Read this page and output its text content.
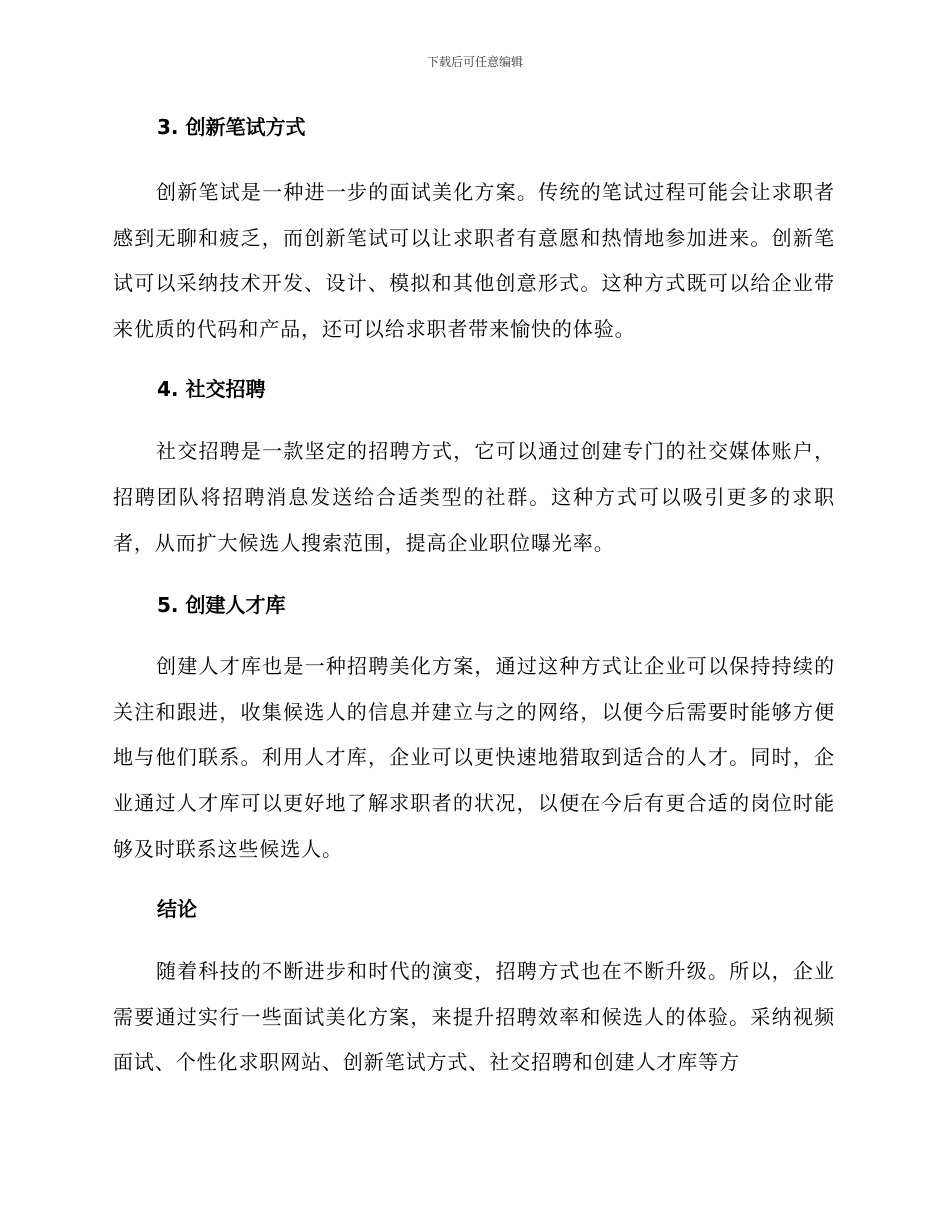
下载后可任意编辑
3. 创新笔试方式

创新笔试是一种进一步的面试美化方案。传统的笔试过程可能会让求职者感到无聊和疲乏，而创新笔试可以让求职者有意愿和热情地参加进来。创新笔试可以采纳技术开发、设计、模拟和其他创意形式。这种方式既可以给企业带来优质的代码和产品，还可以给求职者带来愉快的体验。

4. 社交招聘

社交招聘是一款坚定的招聘方式，它可以通过创建专门的社交媒体账户，招聘团队将招聘消息发送给合适类型的社群。这种方式可以吸引更多的求职者，从而扩大候选人搜索范围，提高企业职位曝光率。

5. 创建人才库

创建人才库也是一种招聘美化方案，通过这种方式让企业可以保持持续的关注和跟进，收集候选人的信息并建立与之的网络，以便今后需要时能够方便地与他们联系。利用人才库，企业可以更快速地猎取到适合的人才。同时，企业通过人才库可以更好地了解求职者的状况，以便在今后有更合适的岗位时能够及时联系这些候选人。

结论

随着科技的不断进步和时代的演变，招聘方式也在不断升级。所以，企业需要通过实行一些面试美化方案，来提升招聘效率和候选人的体验。采纳视频面试、个性化求职网站、创新笔试方式、社交招聘和创建人才库等方
